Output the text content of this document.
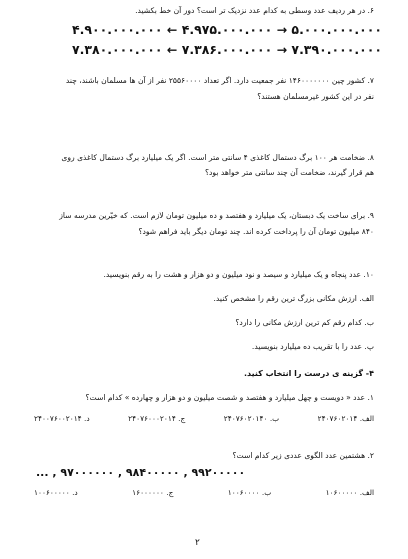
۶. در هر ردیف عدد وسطی به کدام عدد نزدیک تر است؟ دور آن خط بکشید.
۴.۹۰۰.۰۰۰.۰۰۰ ← ۴.۹۷۵.۰۰۰.۰۰۰ → ۵.۰۰۰.۰۰۰.۰۰۰
۷.۳۸۰.۰۰۰.۰۰۰ ← ۷.۳۸۶.۰۰۰.۰۰۰ → ۷.۳۹۰.۰۰۰.۰۰۰
۷. کشور چین ۱۴۶۰۰۰۰۰۰۰ نفر جمعیت دارد. اگر تعداد ۲۵۵۶۰۰۰۰ نفر از آن ها مسلمان باشند، چند
نفر در این کشور غیرمسلمان هستند؟
۸. ضخامت هر ۱۰۰ برگ دستمال کاغذی ۴ سانتی متر است. اگر یک میلیارد برگ دستمال کاغذی روی
هم قرار گیرند، ضخامت آن چند سانتی متر خواهد بود؟
۹. برای ساخت یک دبستان، یک میلیارد و هفتصد و ده میلیون تومان لازم است. که خیّرین مدرسه ساز
۸۴۰ میلیون تومان آن را پرداخت کرده اند. چند تومان دیگر باید فراهم شود؟
۱۰. عدد پنجاه و یک میلیارد و سیصد و نود میلیون و دو هزار و هشت را به رقم بنویسید.
الف. ارزش مکانی بزرگ ترین رقم را مشخص کنید.
ب. کدام رقم کم ترین ارزش مکانی را دارد؟
پ. عدد را با تقریب ده میلیارد بنویسید.
۴- گزینه ی درست را انتخاب کنید.
۱. عدد « دویست و چهل میلیارد و هفتصد و شصت میلیون و دو هزار و چهارده » کدام است؟
الف. ۲۴۰۷۶۰۲۰۱۴
ب. ۲۴۰۷۶۰۲۰۱۴۰
ج. ۲۴۰۷۶۰۰۰۲۰۱۴
د. ۲۴۰۰۷۶۰۰۲۰۱۴
۲. هشتمین عدد الگوی عددی زیر کدام است؟
... , ۹۷۰۰۰۰۰۰ , ۹۸۴۰۰۰۰۰ , ۹۹۲۰۰۰۰۰
الف. ۱۰۶۰۰۰۰۰
ب. ۱۰۰۶۰۰۰۰
ج. ۱۶۰۰۰۰۰۰
د. ۱۰۰۶۰۰۰۰۰
۲
